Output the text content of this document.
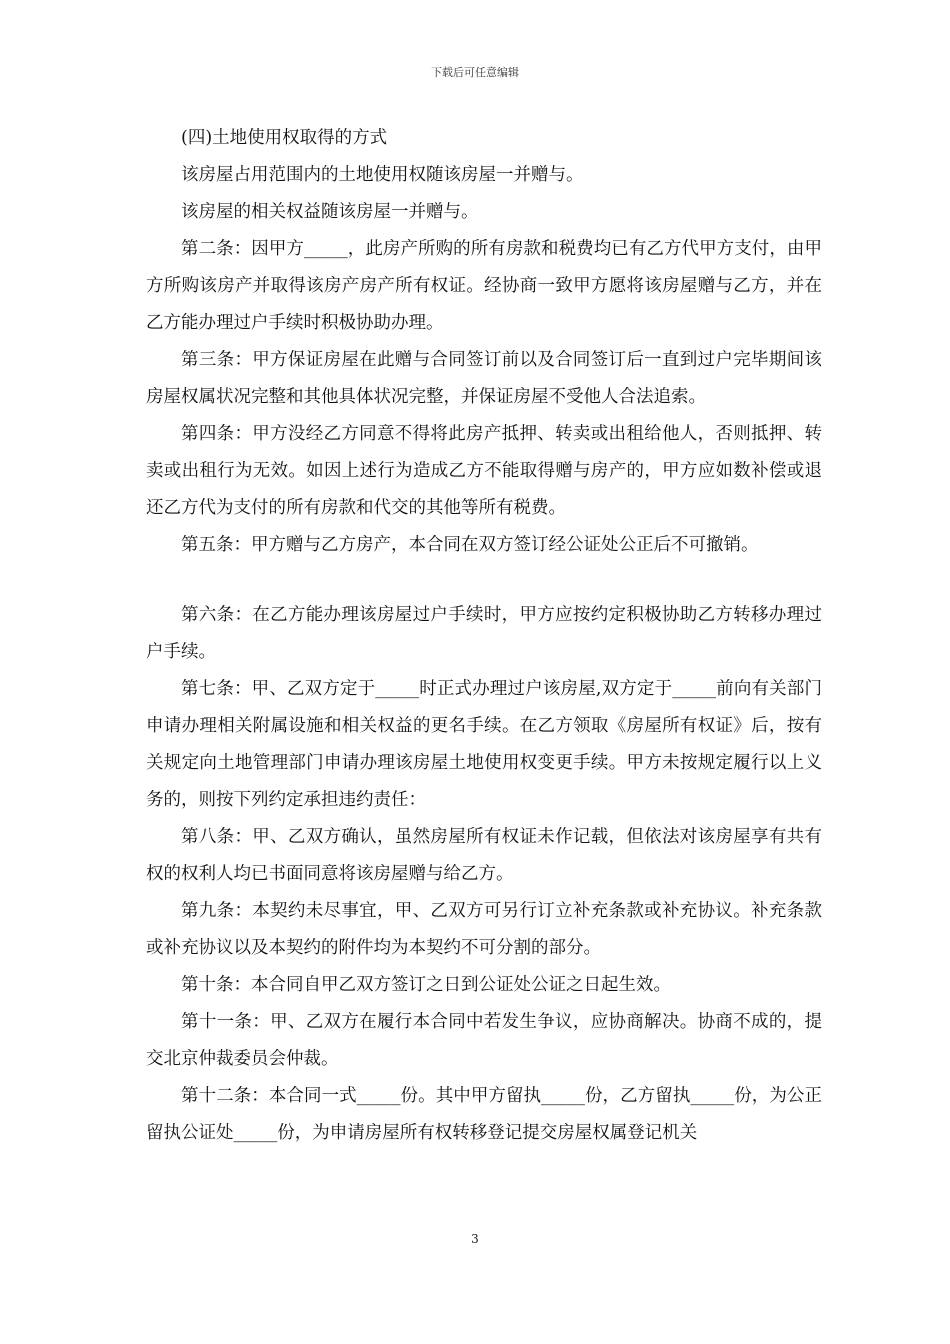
下载后可任意编辑

(四)土地使用权取得的方式

该房屋占用范围内的土地使用权随该房屋一并赠与。

该房屋的相关权益随该房屋一并赠与。

第二条：因甲方_____，此房产所购的所有房款和税费均已有乙方代甲方支付，由甲方所购该房产并取得该房产房产所有权证。经协商一致甲方愿将该房屋赠与乙方，并在乙方能办理过户手续时积极协助办理。

第三条：甲方保证房屋在此赠与合同签订前以及合同签订后一直到过户完毕期间该房屋权属状况完整和其他具体状况完整，并保证房屋不受他人合法追索。

第四条：甲方没经乙方同意不得将此房产抵押、转卖或出租给他人，否则抵押、转卖或出租行为无效。如因上述行为造成乙方不能取得赠与房产的，甲方应如数补偿或退还乙方代为支付的所有房款和代交的其他等所有税费。

第五条：甲方赠与乙方房产，本合同在双方签订经公证处公正后不可撤销。

第六条：在乙方能办理该房屋过户手续时，甲方应按约定积极协助乙方转移办理过户手续。

第七条：甲、乙双方定于_____时正式办理过户该房屋,双方定于_____前向有关部门申请办理相关附属设施和相关权益的更名手续。在乙方领取《房屋所有权证》后，按有关规定向土地管理部门申请办理该房屋土地使用权变更手续。甲方未按规定履行以上义务的，则按下列约定承担违约责任：

第八条：甲、乙双方确认，虽然房屋所有权证未作记载，但依法对该房屋享有共有权的权利人均已书面同意将该房屋赠与给乙方。

第九条：本契约未尽事宜，甲、乙双方可另行订立补充条款或补充协议。补充条款或补充协议以及本契约的附件均为本契约不可分割的部分。

第十条：本合同自甲乙双方签订之日到公证处公证之日起生效。

第十一条：甲、乙双方在履行本合同中若发生争议，应协商解决。协商不成的，提交北京仲裁委员会仲裁。

第十二条：本合同一式_____份。其中甲方留执_____份，乙方留执_____份，为公正留执公证处_____份，为申请房屋所有权转移登记提交房屋权属登记机关

3
